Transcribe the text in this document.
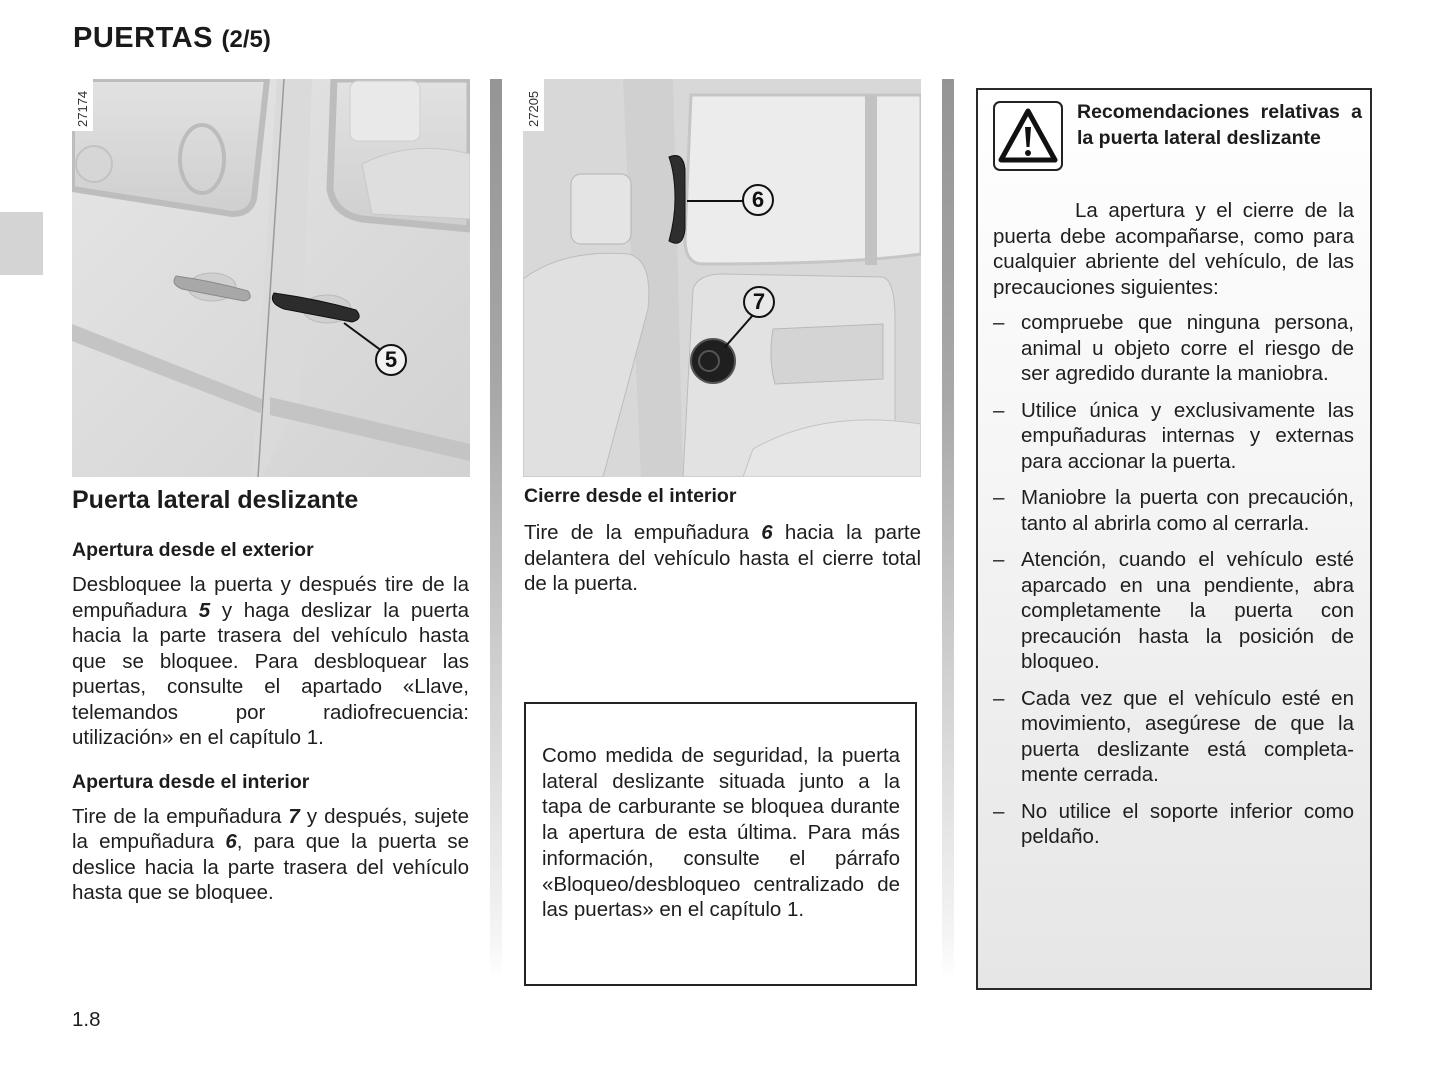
PUERTAS (2/5)
27174
5
27205
6
7
Puerta lateral deslizante
Apertura desde el exterior

Desbloquee la puerta y después tire de la empuñadura 5 y haga deslizar la puerta hacia la parte trasera del vehículo hasta que se bloquee. Para desbloquear las puertas, consulte el apartado «Llave, telemandos por radiofrecuencia: utilización» en el capítulo 1.

Apertura desde el interior

Tire de la empuñadura 7 y después, sujete la empuñadura 6, para que la puerta se deslice hacia la parte trasera del vehículo hasta que se bloquee.

Cierre desde el interior

Tire de la empuñadura 6 hacia la parte delantera del vehículo hasta el cierre total de la puerta.

Como medida de seguridad, la puerta lateral deslizante situada junto a la tapa de carburante se bloquea durante la apertura de esta última. Para más información, consulte el párrafo «Bloqueo/desbloqueo centralizado de las puertas» en el capítulo 1.

Recomendaciones relativas a la puerta lateral deslizante

La apertura y el cierre de la puerta debe acompañarse, como para cualquier abriente del vehículo, de las precauciones siguientes:

– compruebe que ninguna persona, animal u objeto corre el riesgo de ser agredido durante la maniobra.
– Utilice única y exclusivamente las empuñaduras internas y externas para accionar la puerta.
– Maniobre la puerta con precaución, tanto al abrirla como al cerrarla.
– Atención, cuando el vehículo esté aparcado en una pendiente, abra completamente la puerta con precaución hasta la posición de bloqueo.
– Cada vez que el vehículo esté en movimiento, asegúrese de que la puerta deslizante está completamente cerrada.
– No utilice el soporte inferior como peldaño.
1.8
